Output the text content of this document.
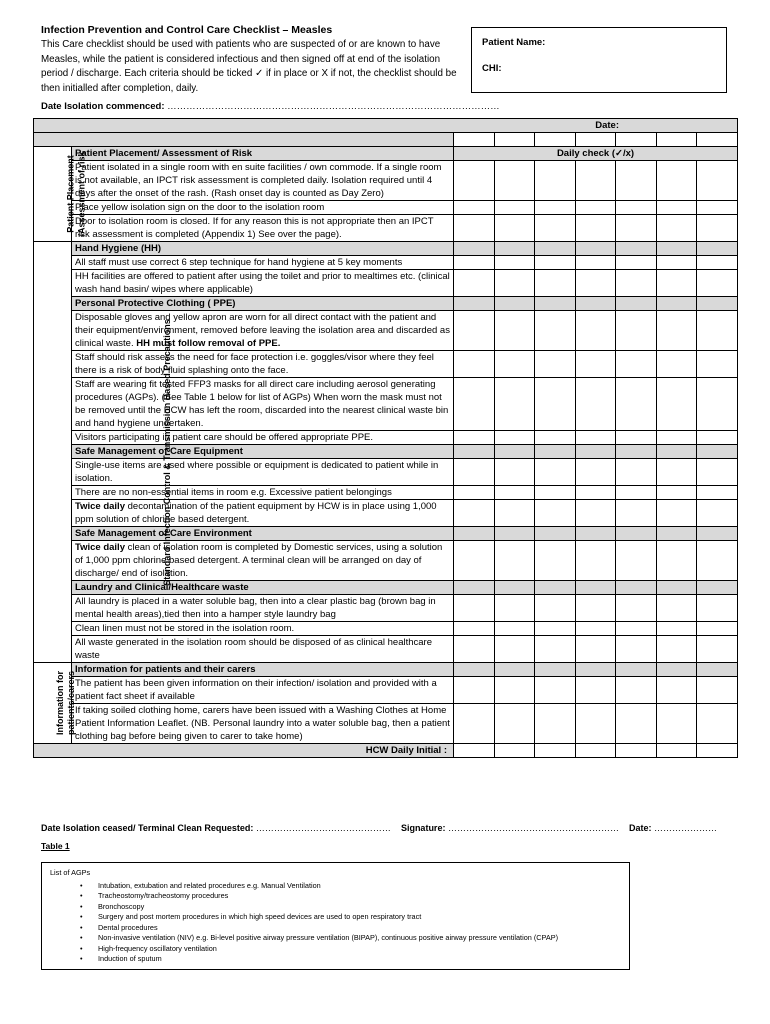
Infection Prevention and Control Care Checklist – Measles
This Care checklist should be used with patients who are suspected of or are known to have Measles, while the patient is considered infectious and then signed off at end of the isolation period / discharge. Each criteria should be ticked ✓ if in place or X if not, the checklist should be then initialled after completion, daily.
Patient Name:
CHI:
Date Isolation commenced: ……………………………………………………………………………………………
Date:								

Patient Placement
/Assessment of risk	Patient Placement/ Assessment of Risk	Daily check (✓/x)						
	Patient isolated in a single room with en suite facilities / own commode. If a single room is not available, an IPCT risk assessment is completed daily. Isolation required until 4 days after the onset of the rash. (Rash onset day is counted as Day Zero)							
	Place yellow isolation sign on the door to the isolation room							
	Door to isolation room is closed. If for any reason this is not appropriate then an IPCT risk assessment is completed (Appendix 1) See over the page).							
Standard Infection Control & Transmission Based Precautions	Hand Hygiene (HH)							
	All staff must use correct 6 step technique for hand hygiene at 5 key moments							
	HH facilities are offered to patient after using the toilet and prior to mealtimes etc. (clinical wash hand basin/ wipes where applicable)							
	Personal Protective Clothing ( PPE)							
	Disposable gloves and yellow apron are worn for all direct contact with the patient and their equipment/environment, removed before leaving the isolation area and discarded as clinical waste. HH must follow removal of PPE.							
	Staff should risk assess the need for face protection i.e. goggles/visor where they feel there is a risk of body fluid splashing onto the face.							
	Staff are wearing fit tested FFP3 masks for all direct care including aerosol generating procedures (AGPs). (See Table 1 below for list of AGPs) When worn the mask must not be removed until the HCW has left the room, discarded into the nearest clinical waste bin and hand hygiene undertaken.							
	Visitors participating in patient care should be offered appropriate PPE.							
	Safe Management of Care Equipment							
	Single-use items are used where possible or equipment is dedicated to patient while in isolation.							
	There are no non-essential items in room e.g. Excessive patient belongings							
	Twice daily decontamination of the patient equipment by HCW is in place using 1,000 ppm solution of chlorine based detergent.							
	Safe Management of Care Environment							
	Twice daily clean of isolation room is completed by Domestic services, using a solution of 1,000 ppm chlorine based detergent. A terminal clean will be arranged on day of discharge/ end of isolation.							
	Laundry and Clinical/Healthcare waste							
	All laundry is placed in a water soluble bag, then into a clear plastic bag (brown bag in mental health areas),tied then into a hamper style laundry bag							
	Clean linen must not be stored in the isolation room.							
	All waste generated in the isolation room should be disposed of as clinical healthcare waste							
Information for
patients/carers	Information for patients and their carers							
	The patient has been given information on their infection/ isolation and provided with a patient fact sheet if available							
	If taking soiled clothing home, carers have been issued with a Washing Clothes at Home Patient Information Leaflet. (NB. Personal laundry into a water soluble bag, then a patient clothing bag before being given to carer to take home)							
HCW Daily Initial :								
Date Isolation ceased/ Terminal Clean Requested: ……………………………………… Signature: ………………………………………………… Date: …………………
Table 1
List of AGPs
• Intubation, extubation and related procedures e.g. Manual Ventilation
• Tracheostomy/tracheostomy procedures
• Bronchoscopy
• Surgery and post mortem procedures in which high speed devices are used to open respiratory tract
• Dental procedures
• Non-invasive ventilation (NIV) e.g. Bi-level positive airway pressure ventilation (BIPAP), continuous positive airway pressure ventilation (CPAP)
• High-frequency oscillatory ventilation
• Induction of sputum
